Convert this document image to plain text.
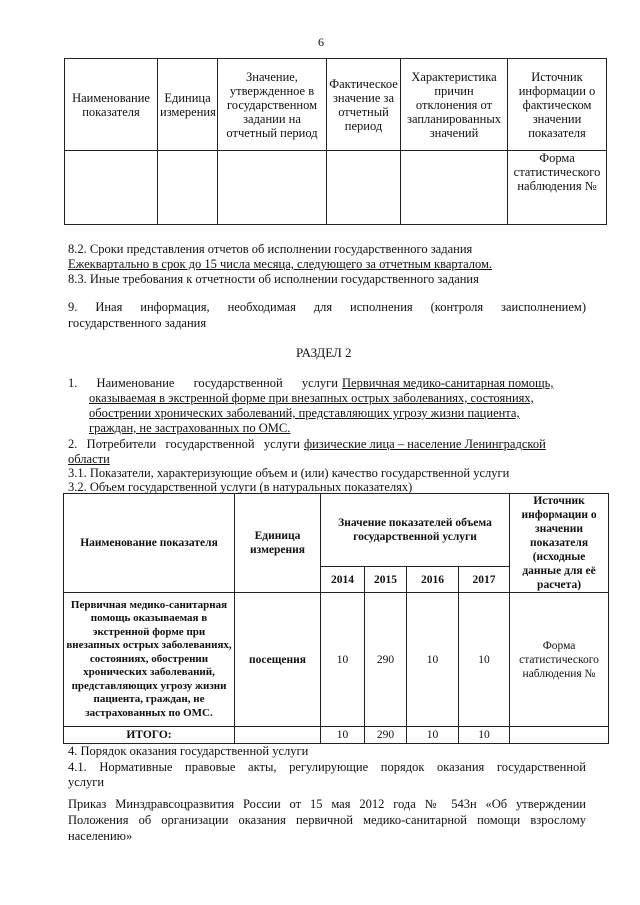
6
Наименование показателя	Единица измерения	Значение, утвержденное в государственном задании на отчетный период	Фактическое значение за отчетный период	Характеристика причин отклонения от запланированных значений	Источник информации о фактическом значении показателя
					Форма статистического наблюдения №
8.2. Сроки представления отчетов об исполнении государственного задания
Ежеквартально в срок до 15 числа месяца, следующего за отчетным кварталом.
8.3. Иные требования к отчетности об исполнении государственного задания
9. Иная информация, необходимая для исполнения (контроля заисполнением)
государственного задания
РАЗДЕЛ 2
1. Наименование государственной услуги Первичная медико-санитарная помощь,
оказываемая в экстренной форме при внезапных острых заболеваниях, состояниях,
обострении хронических заболеваний, представляющих угрозу жизни пациента,
граждан, не застрахованных по ОМС.
2. Потребители государственной услуги физические лица – население Ленинградской
области
3.1. Показатели, характеризующие объем и (или) качество государственной услуги
3.2. Объем государственной услуги (в натуральных показателях)
Наименование показателя	Единица измерения	Значение показателей объема государственной услуги				Источник информации о значении показателя (исходные данные для её расчета)
		2014	2015	2016	2017	
Первичная медико-санитарная помощь оказываемая в экстренной форме при внезапных острых заболеваниях, состояниях, обострении хронических заболеваний, представляющих угрозу жизни пациента, граждан, не застрахованных по ОМС.	посещения	10	290	10	10	Форма статистического наблюдения №
ИТОГО:		10	290	10	10	
4. Порядок оказания государственной услуги
4.1. Нормативные правовые акты, регулирующие порядок оказания государственной
услуги
Приказ Минздравсоцразвития России от 15 мая 2012 года № 543н «Об утверждении
Положения об организации оказания первичной медико-санитарной помощи взрослому
населению»
